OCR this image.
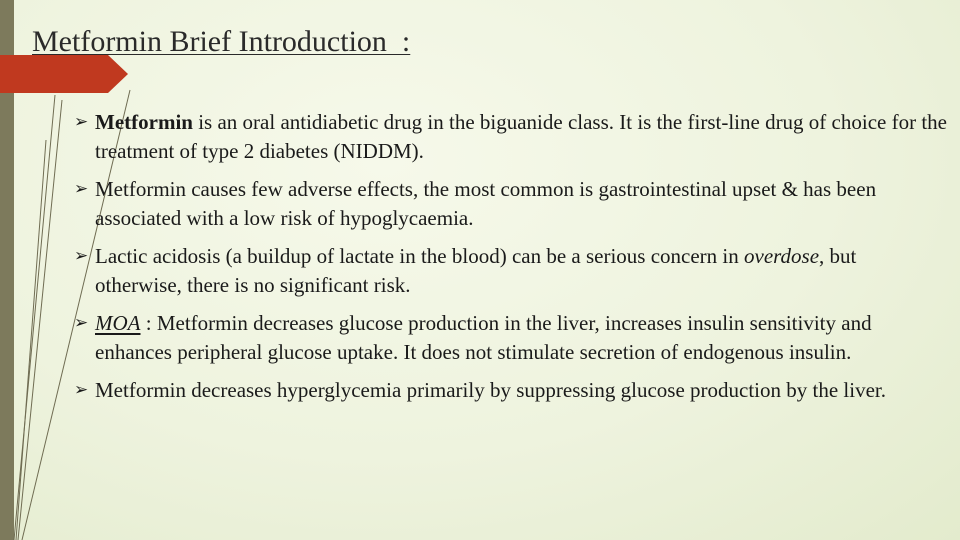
Metformin Brief Introduction  :
➢ Metformin is an oral antidiabetic drug in the biguanide class. It is the first-line drug of choice for the treatment of type 2 diabetes (NIDDM).
➢ Metformin causes few adverse effects, the most common is gastrointestinal upset & has been associated with a low risk of hypoglycaemia.
➢ Lactic acidosis (a buildup of lactate in the blood) can be a serious concern in overdose, but otherwise, there is no significant risk.
➢ MOA : Metformin decreases glucose production in the liver, increases insulin sensitivity and enhances peripheral glucose uptake. It does not stimulate secretion of endogenous insulin.
➢ Metformin decreases hyperglycemia primarily by suppressing glucose production by the liver.
